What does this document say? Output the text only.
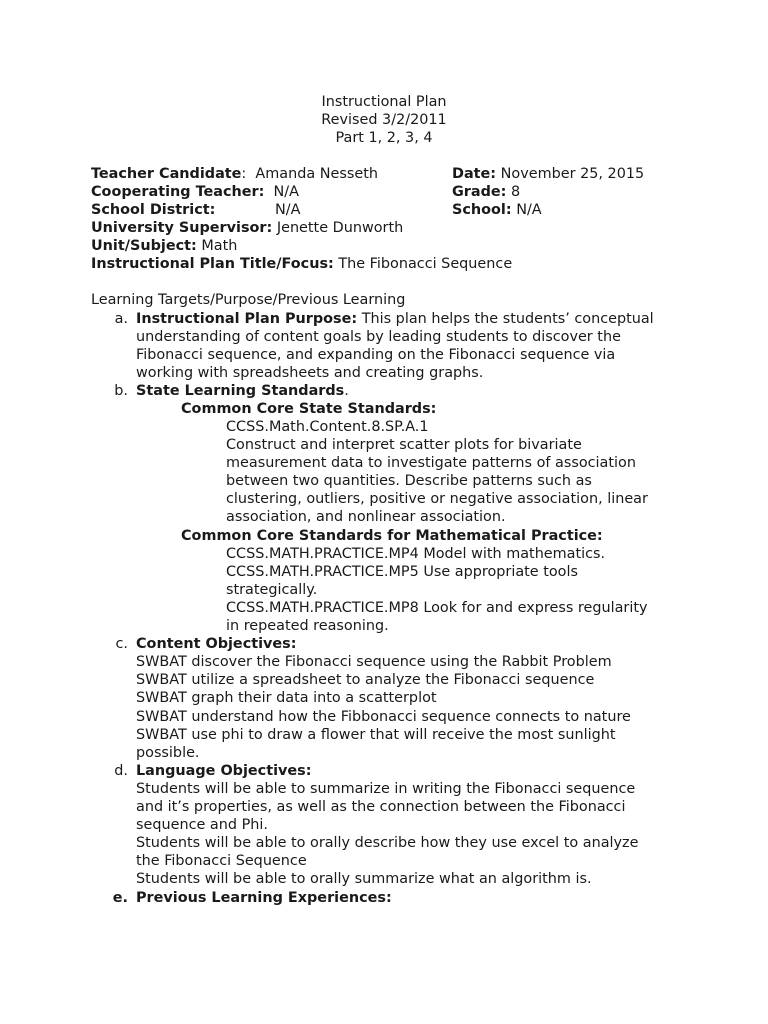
Instructional Plan
Revised 3/2/2011
Part 1, 2, 3, 4
Teacher Candidate:  Amanda Nesseth	Date: November 25, 2015
Cooperating Teacher: N/A	Grade: 8
School District:	N/A	School: N/A
University Supervisor: Jenette Dunworth
Unit/Subject: Math
Instructional Plan Title/Focus: The Fibonacci Sequence
Learning Targets/Purpose/Previous Learning
a. Instructional Plan Purpose: This plan helps the students’ conceptual
understanding of content goals by leading students to discover the
Fibonacci sequence, and expanding on the Fibonacci sequence via
working with spreadsheets and creating graphs.
b. State Learning Standards.
Common Core State Standards:
CCSS.Math.Content.8.SP.A.1
Construct and interpret scatter plots for bivariate
measurement data to investigate patterns of association
between two quantities. Describe patterns such as
clustering, outliers, positive or negative association, linear
association, and nonlinear association.
Common Core Standards for Mathematical Practice:
CCSS.MATH.PRACTICE.MP4 Model with mathematics.
CCSS.MATH.PRACTICE.MP5 Use appropriate tools
strategically.
CCSS.MATH.PRACTICE.MP8 Look for and express regularity
in repeated reasoning.
c. Content Objectives:
SWBAT discover the Fibonacci sequence using the Rabbit Problem
SWBAT utilize a spreadsheet to analyze the Fibonacci sequence
SWBAT graph their data into a scatterplot
SWBAT understand how the Fibbonacci sequence connects to nature
SWBAT use phi to draw a flower that will receive the most sunlight
possible.
d. Language Objectives:
Students will be able to summarize in writing the Fibonacci sequence
and it’s properties, as well as the connection between the Fibonacci
sequence and Phi.
Students will be able to orally describe how they use excel to analyze
the Fibonacci Sequence
Students will be able to orally summarize what an algorithm is.
e. Previous Learning Experiences:
